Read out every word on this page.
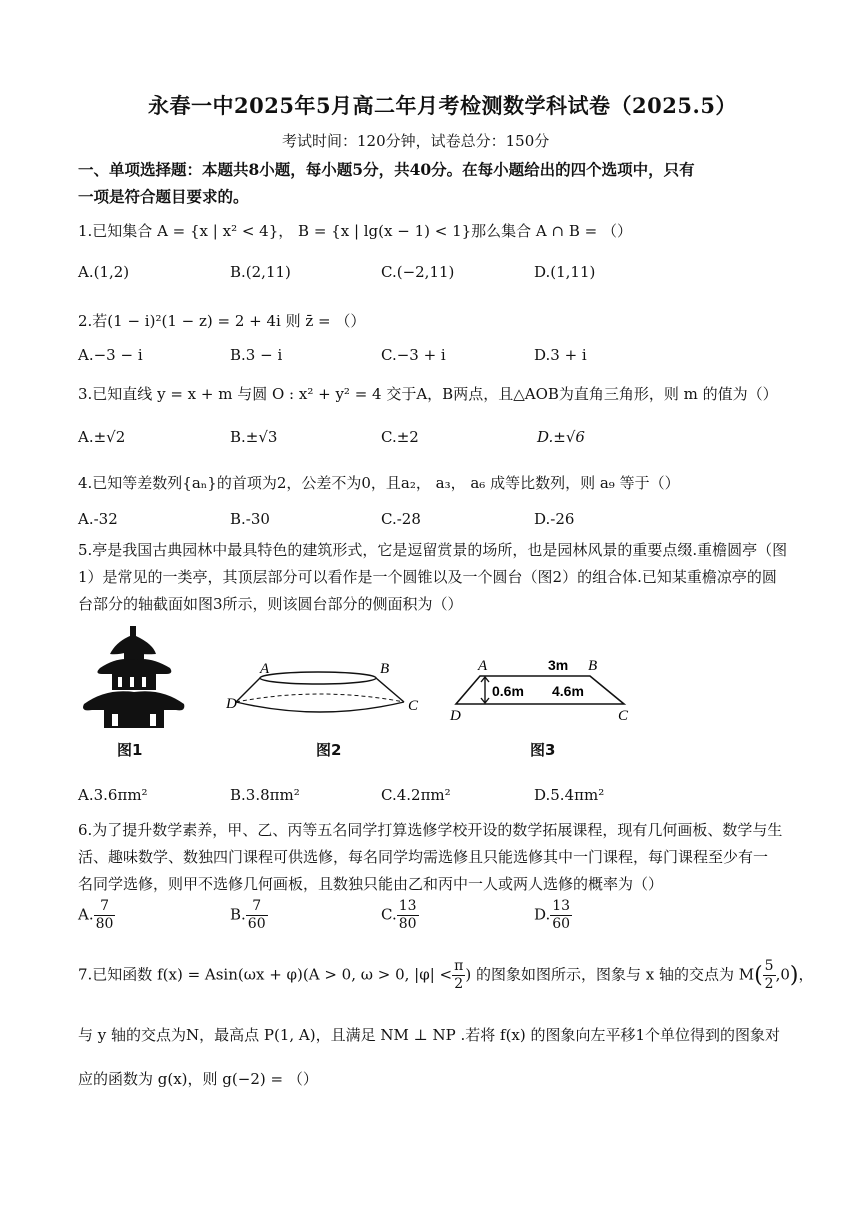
永春一中2025年5月高二年月考检测数学科试卷（2025.5）
考试时间：120分钟，试卷总分：150分
一、单项选择题：本题共8小题，每小题5分，共40分。在每小题给出的四个选项中，只有
一项是符合题目要求的。
1.已知集合 A = {x | x² < 4}， B = {x | lg(x − 1) < 1}那么集合 A ∩ B = （）
A.(1,2)	B.(2,11)	C.(−2,11)	D.(1,11)
2.若(1 − i)²(1 − z) = 2 + 4i 则 z̄ = （）
A.−3 − i	B.3 − i	C.−3 + i	D.3 + i
3.已知直线 y = x + m 与圆 O : x² + y² = 4 交于A，B两点，且△AOB为直角三角形，则 m 的值为（）
A.±√2	B.±√3	C.±2	D.±√6
4.已知等差数列{aₙ}的首项为2，公差不为0，且a₂， a₃， a₆ 成等比数列，则 a₉ 等于（）
A.-32	B.-30	C.-28	D.-26
5.亭是我国古典园林中最具特色的建筑形式，它是逗留赏景的场所，也是园林风景的重要点缀.重檐圆亭（图
1）是常见的一类亭，其顶层部分可以看作是一个圆锥以及一个圆台（图2）的组合体.已知某重檐凉亭的圆
台部分的轴截面如图3所示，则该圆台部分的侧面积为（）
A	B
D	C
A	3m B
0.6m 4.6m
D	C
图1	图2	图3
A.3.6πm²	B.3.8πm²	C.4.2πm²	D.5.4πm²
6.为了提升数学素养，甲、乙、丙等五名同学打算选修学校开设的数学拓展课程，现有几何画板、数学与生
活、趣味数学、数独四门课程可供选修，每名同学均需选修且只能选修其中一门课程，每门课程至少有一
名同学选修，则甲不选修几何画板，且数独只能由乙和丙中一人或两人选修的概率为（）
A. $\frac{7}{80}$	B. $\frac{7}{60}$	C. $\frac{13}{80}$	D. $\frac{13}{60}$
7.已知函数 f(x) = Asin(ωx + φ)(A > 0, ω > 0, $|\varphi| < \frac{\pi}{2}$ ) 的图象如图所示，图象与 x 轴的交点为 $M( \frac{5}{2} ,0)$，
与 y 轴的交点为N，最高点 P(1, A)，且满足 NM ⊥ NP .若将 f(x) 的图象向左平移1个单位得到的图象对
应的函数为 g(x)，则 g(−2) = （）
